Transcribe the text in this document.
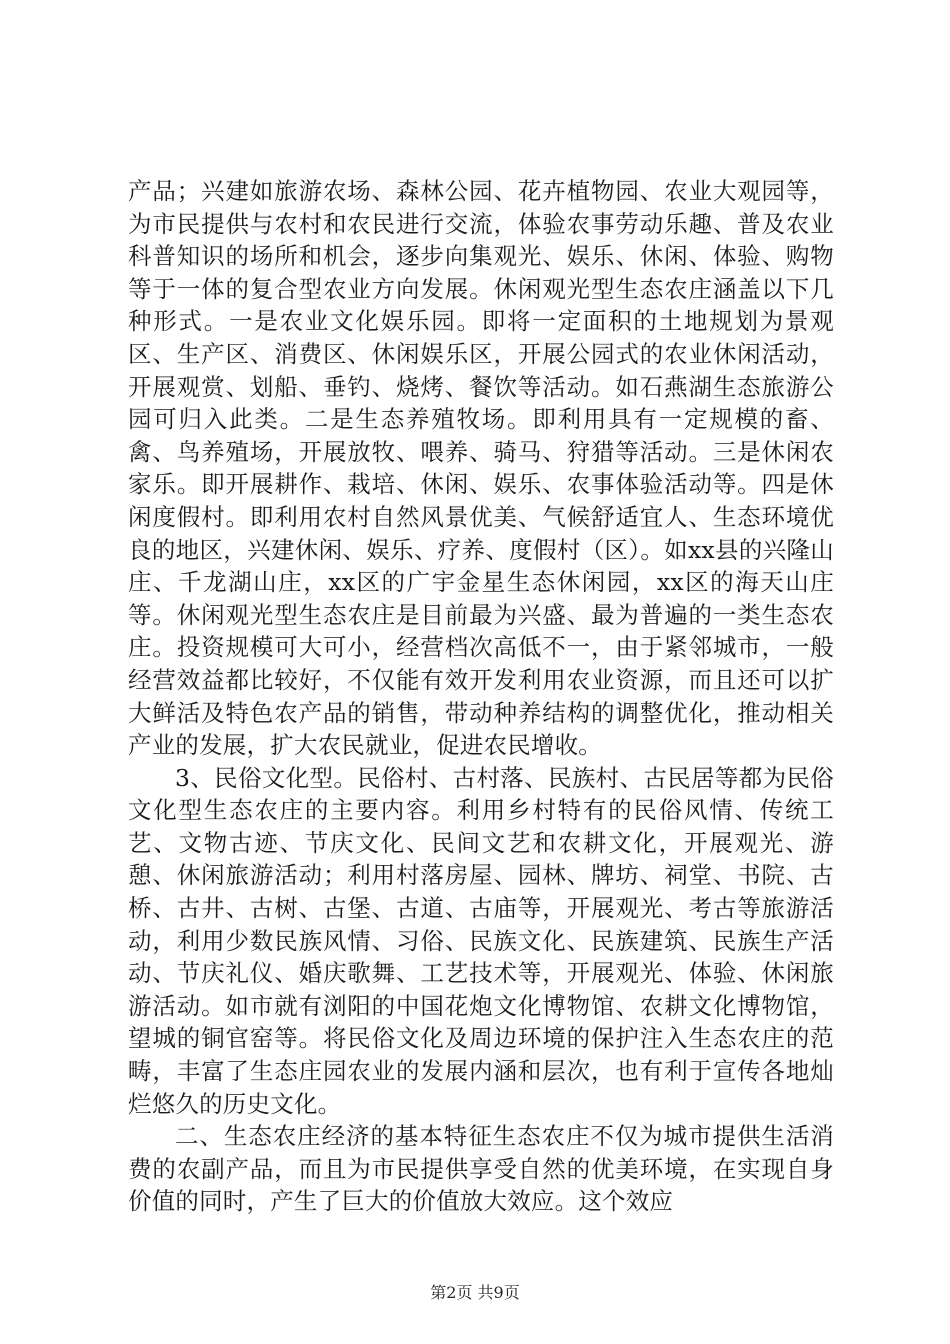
产品；兴建如旅游农场、森林公园、花卉植物园、农业大观园等，为市民提供与农村和农民进行交流，体验农事劳动乐趣、普及农业科普知识的场所和机会，逐步向集观光、娱乐、休闲、体验、购物等于一体的复合型农业方向发展。休闲观光型生态农庄涵盖以下几种形式。一是农业文化娱乐园。即将一定面积的土地规划为景观区、生产区、消费区、休闲娱乐区，开展公园式的农业休闲活动，开展观赏、划船、垂钓、烧烤、餐饮等活动。如石燕湖生态旅游公园可归入此类。二是生态养殖牧场。即利用具有一定规模的畜、禽、鸟养殖场，开展放牧、喂养、骑马、狩猎等活动。三是休闲农家乐。即开展耕作、栽培、休闲、娱乐、农事体验活动等。四是休闲度假村。即利用农村自然风景优美、气候舒适宜人、生态环境优良的地区，兴建休闲、娱乐、疗养、度假村（区）。如xx县的兴隆山庄、千龙湖山庄，xx区的广宇金星生态休闲园，xx区的海天山庄等。休闲观光型生态农庄是目前最为兴盛、最为普遍的一类生态农庄。投资规模可大可小，经营档次高低不一，由于紧邻城市，一般经营效益都比较好，不仅能有效开发利用农业资源，而且还可以扩大鲜活及特色农产品的销售，带动种养结构的调整优化，推动相关产业的发展，扩大农民就业，促进农民增收。

3、民俗文化型。民俗村、古村落、民族村、古民居等都为民俗文化型生态农庄的主要内容。利用乡村特有的民俗风情、传统工艺、文物古迹、节庆文化、民间文艺和农耕文化，开展观光、游憩、休闲旅游活动；利用村落房屋、园林、牌坊、祠堂、书院、古桥、古井、古树、古堡、古道、古庙等，开展观光、考古等旅游活动，利用少数民族风情、习俗、民族文化、民族建筑、民族生产活动、节庆礼仪、婚庆歌舞、工艺技术等，开展观光、体验、休闲旅游活动。如市就有浏阳的中国花炮文化博物馆、农耕文化博物馆，望城的铜官窑等。将民俗文化及周边环境的保护注入生态农庄的范畴，丰富了生态庄园农业的发展内涵和层次，也有利于宣传各地灿烂悠久的历史文化。

二、生态农庄经济的基本特征生态农庄不仅为城市提供生活消费的农副产品，而且为市民提供享受自然的优美环境，在实现自身价值的同时，产生了巨大的价值放大效应。这个效应

第2页 共9页
